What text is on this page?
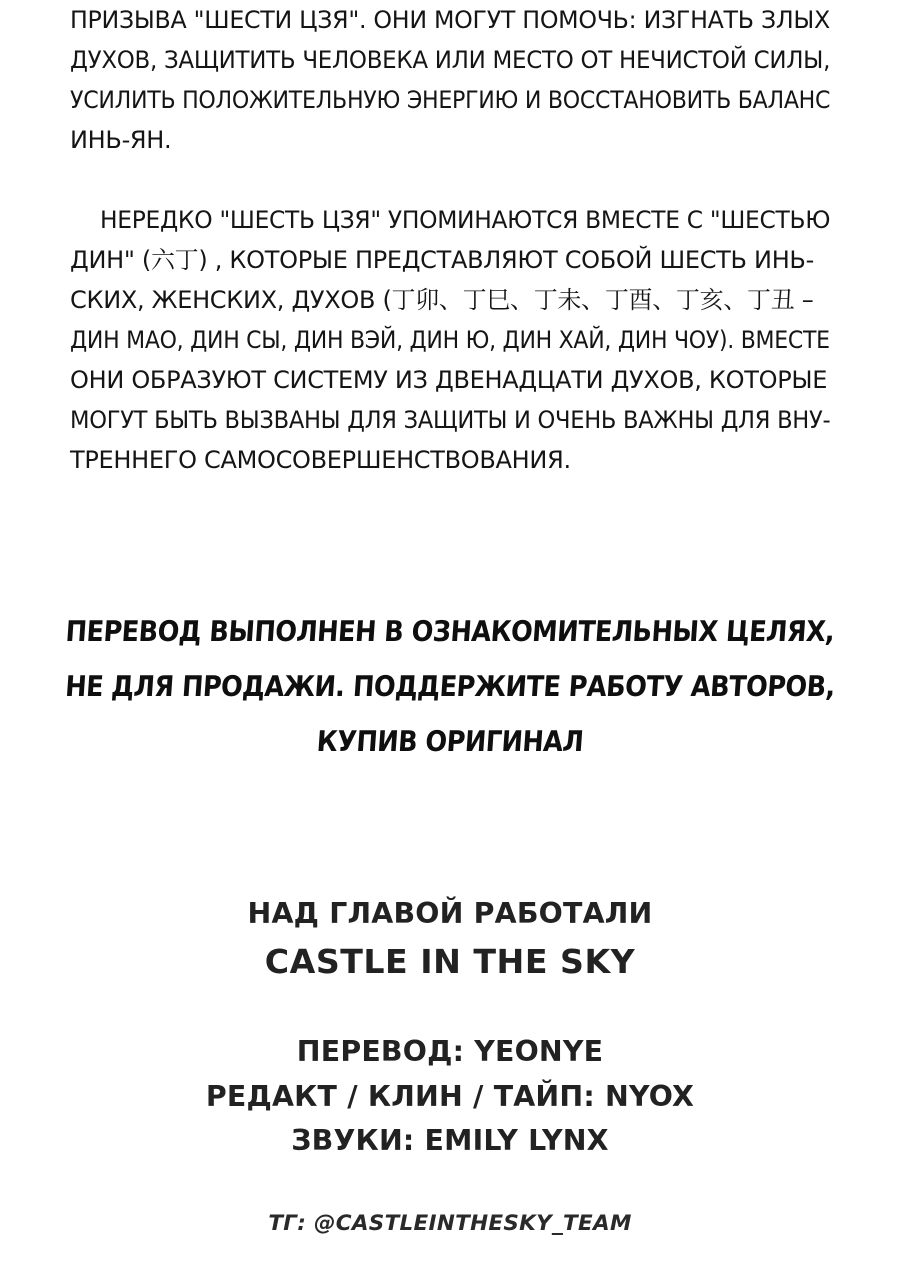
ПРИЗЫВА "ШЕСТИ ЦЗЯ". ОНИ МОГУТ ПОМОЧЬ: ИЗГНАТЬ ЗЛЫХ
ДУХОВ, ЗАЩИТИТЬ ЧЕЛОВЕКА ИЛИ МЕСТО ОТ НЕЧИСТОЙ СИЛЫ,
УСИЛИТЬ ПОЛОЖИТЕЛЬНУЮ ЭНЕРГИЮ И ВОССТАНОВИТЬ БАЛАНС
ИНЬ-ЯН.
НЕРЕДКО "ШЕСТЬ ЦЗЯ" УПОМИНАЮТСЯ ВМЕСТЕ С "ШЕСТЬЮ
ДИН" (六丁) , КОТОРЫЕ ПРЕДСТАВЛЯЮТ СОБОЙ ШЕСТЬ ИНЬ-
СКИХ, ЖЕНСКИХ, ДУХОВ (丁卯、丁巳、丁未、丁酉、丁亥、丁丑 –
ДИН МАО, ДИН СЫ, ДИН ВЭЙ, ДИН Ю, ДИН ХАЙ, ДИН ЧОУ). ВМЕСТЕ
ОНИ ОБРАЗУЮТ СИСТЕМУ ИЗ ДВЕНАДЦАТИ ДУХОВ, КОТОРЫЕ
МОГУТ БЫТЬ ВЫЗВАНЫ ДЛЯ ЗАЩИТЫ И ОЧЕНЬ ВАЖНЫ ДЛЯ ВНУ-
ТРЕННЕГО САМОСОВЕРШЕНСТВОВАНИЯ.
ПЕРЕВОД ВЫПОЛНЕН В ОЗНАКОМИТЕЛЬНЫХ ЦЕЛЯХ,
НЕ ДЛЯ ПРОДАЖИ. ПОДДЕРЖИТЕ РАБОТУ АВТОРОВ,
КУПИВ ОРИГИНАЛ
НАД ГЛАВОЙ РАБОТАЛИ
CASTLE IN THE SKY
ПЕРЕВОД: YEONYE
РЕДАКТ / КЛИН / ТАЙП: NYOX
ЗВУКИ: EMILY LYNX
ТГ: @CASTLEINTHESKY_TEAM
